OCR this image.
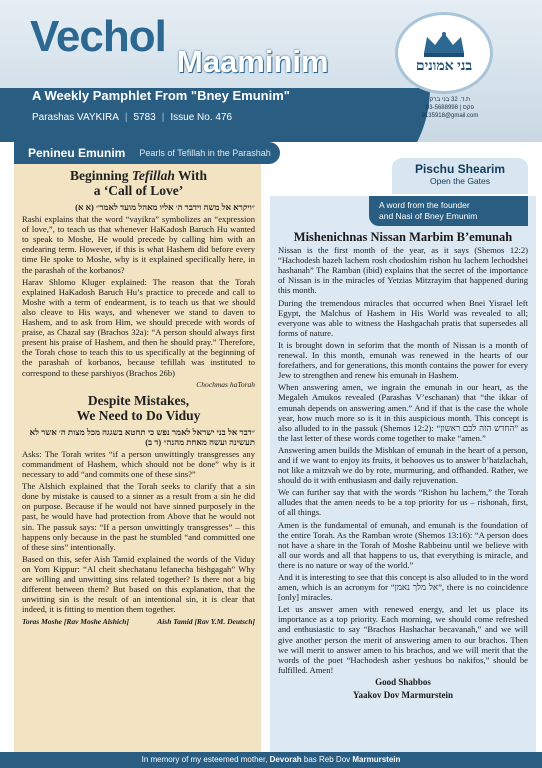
Vechol
Maaminim
A Weekly Pamphlet From "Bney Emunim"
Parashas VAYKIRA | 5783 | Issue No. 476
בני אמונים
ת.ד. 32 בני ברק
03-5688998 | פקס
9135918@gmail.com
Penineu Emunim	Pearls of Tefillah in the Parashah
Beginning Tefillah With
a ‘Call of Love’
״ויקרא אל משה וידבר ה׳ אליו מאהל מועד לאמר״ (א א)

Rashi explains that the word “vayikra” symbolizes an “expression of love,”, to teach us that whenever HaKadosh Baruch Hu wanted to speak to Moshe, He would precede by calling him with an endearing term. However, if this is what Hashem did before every time He spoke to Moshe, why is it explained specifically here, in the parashah of the korbanos?

Harav Shlomo Kluger explained: The reason that the Torah explained HaKadosh Baruch Hu’s practice to precede and call to Moshe with a term of endearment, is to teach us that we should also cleave to His ways, and whenever we stand to daven to Hashem, and to ask from Him, we should precede with words of praise, as Chazal say (Brachos 32a): “A person should always first present his praise of Hashem, and then he should pray.” Therefore, the Torah chose to teach this to us specifically at the beginning of the parashah of korbanos, because tefillah was instituted to correspond to these parshiyos (Brachos 26b)

Chochmas haTorah
Despite Mistakes,
We Need to Do Viduy
״דבר אל בני ישראל לאמר נפש כי תחטא בשגגה מכל מצות ה׳ אשר לא תעשינה ועשה מאחת מהנה״ (ד ב)

Asks: The Torah writes “if a person unwittingly transgresses any commandment of Hashem, which should not be done” why is it necessary to add “and commits one of these sins?”

The Alshich explained that the Torah seeks to clarify that a sin done by mistake is caused to a sinner as a result from a sin he did on purpose. Because if he would not have sinned purposely in the past, he would have had protection from Above that he would not sin. The passuk says: “If a person unwittingly transgresses” – this happens only because in the past he stumbled “and committed one of these sins” intentionally.

Based on this, sefer Aish Tamid explained the words of the Viduy on Yom Kippur: “Al cheit shechatanu lefanecha bishgagah” Why are willing and unwitting sins related together? Is there not a big different between them? But based on this explanation, that the unwitting sin is the result of an intentional sin, it is clear that indeed, it is fitting to mention them together.

Toras Moshe [Rav Moshe Alshich]	Aish Tamid [Rav Y.M. Deutsch]
Pischu Shearim
Open the Gates
A word from the founder
and Nasi of Bney Emunim
Mishenichnas Nissan Marbim B’emunah

Nissan is the first month of the year, as it says (Shemos 12:2) “Hachodesh hazeh lachem rosh chodoshim rishon hu lachem lechodshei hashanah” The Ramban (ibid) explains that the secret of the importance of Nissan is in the miracles of Yetzias Mitzrayim that happened during this month.

During the tremendous miracles that occurred when Bnei Yisrael left Egypt, the Malchus of Hashem in His World was revealed to all; everyone was able to witness the Hashgachah pratis that supersedes all forms of nature.

It is brought down in seforim that the month of Nissan is a month of renewal. In this month, emunah was renewed in the hearts of our forefathers, and for generations, this month contains the power for every Jew to strengthen and renew his emunah in Hashem.

When answering amen, we ingrain the emunah in our heart, as the Megaleh Amukos revealed (Parashas V’eschanan) that “the ikkar of emunah depends on answering amen.” And if that is the case the whole year, how much more so is it in this auspicious month. This concept is also alluded to in the passuk (Shemos 12:2): “החדש הזה לכם ראשון” as the last letter of these words come together to make “amen.”

Answering amen builds the Mishkan of emunah in the heart of a person, and if we want to enjoy its fruits, it behooves us to answer b’hatzlachah, not like a mitzvah we do by rote, murmuring, and offhanded. Rather, we should do it with enthusiasm and daily rejuvenation.

We can further say that with the words “Rishon hu lachem,” the Torah alludes that the amen needs to be a top priority for us – rishonah, first, of all things.

Amen is the fundamental of emunah, and emunah is the foundation of the entire Torah. As the Ramban wrote (Shemos 13:16): “A person does not have a share in the Torah of Moshe Rabbeinu until we believe with all our words and all that happens to us, that everything is miracle, and there is no nature or way of the world.”

And it is interesting to see that this concept is also alluded to in the word amen, which is an acronym for “אל מלך נאמן”, there is no coincidence [only] miracles.

Let us answer amen with renewed energy, and let us place its importance as a top priority. Each morning, we should come refreshed and enthusiastic to say “Brachos Hashachar becavanah,” and we will give another person the merit of answering amen to our brachos. Then we will merit to answer amen to his brachos, and we will merit that the words of the poet “Hachodesh asher yeshuos bo nakifos,” should be fulfilled. Amen!

Good Shabbos
Yaakov Dov Marmurstein
In memory of my esteemed mother, Devorah bas Reb Dov Marmurstein
